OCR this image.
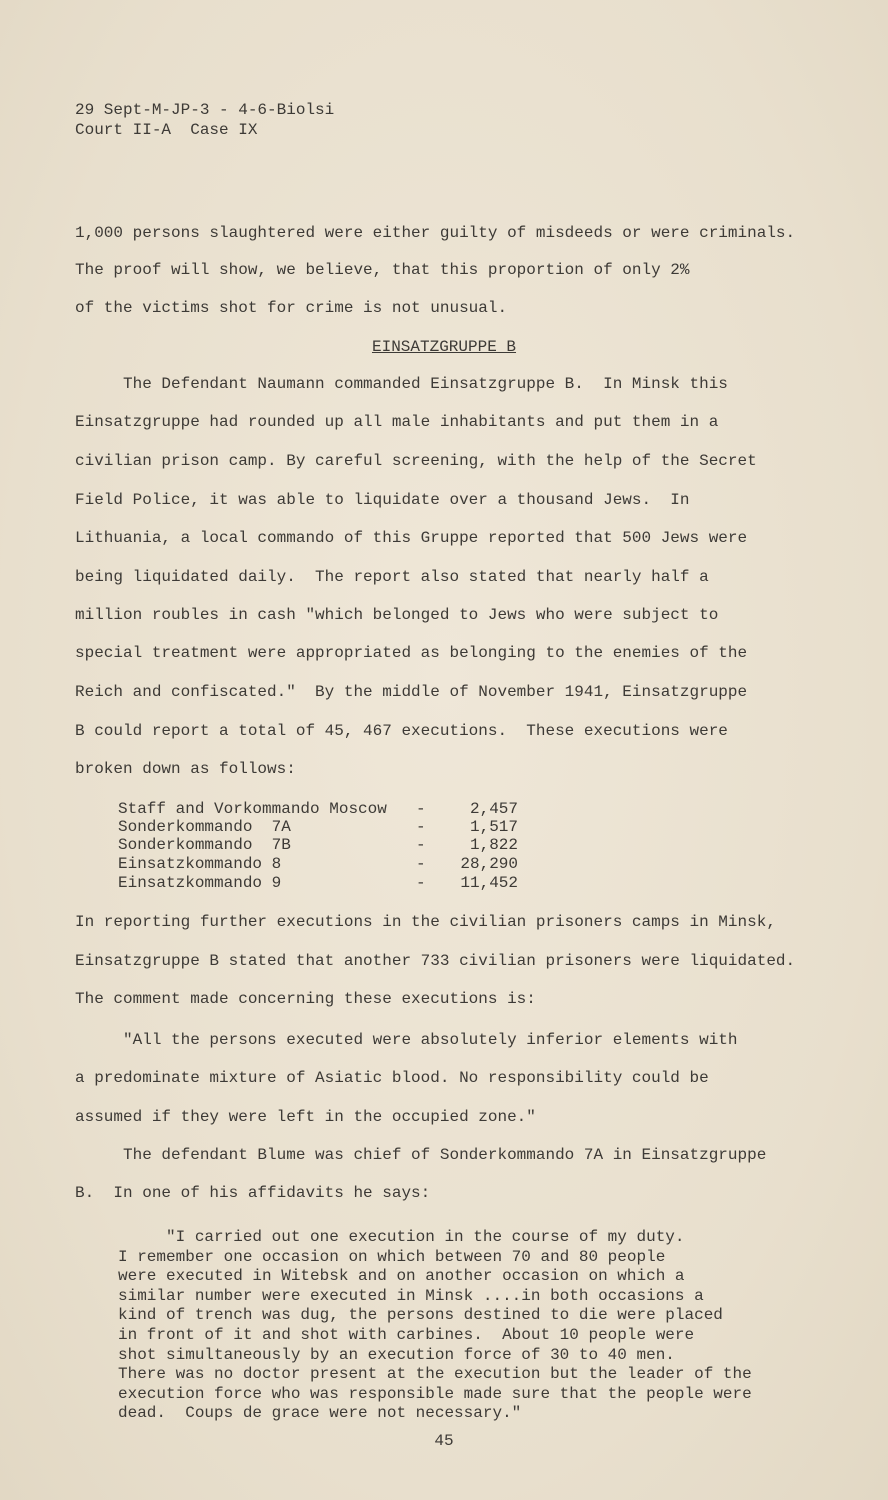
29 Sept-M-JP-3 - 4-6-Biolsi
Court II-A  Case IX
1,000 persons slaughtered were either guilty of misdeeds or were criminals.
The proof will show, we believe, that this proportion of only 2%
of the victims shot for crime is not unusual.
EINSATZGRUPPE B
The Defendant Naumann commanded Einsatzgruppe B.  In Minsk this
Einsatzgruppe had rounded up all male inhabitants and put them in a
civilian prison camp. By careful screening, with the help of the Secret
Field Police, it was able to liquidate over a thousand Jews.  In
Lithuania, a local commando of this Gruppe reported that 500 Jews were
being liquidated daily.  The report also stated that nearly half a
million roubles in cash "which belonged to Jews who were subject to
special treatment were appropriated as belonging to the enemies of the
Reich and confiscated."  By the middle of November 1941, Einsatzgruppe
B could report a total of 45, 467 executions.  These executions were
broken down as follows:
Staff and Vorkommando Moscow -	2,457
Sonderkommando  7A	-	1,517
Sonderkommando  7B	-	1,822
Einsatzkommando 8	- 28,290
Einsatzkommando 9	- 11,452
In reporting further executions in the civilian prisoners camps in Minsk,
Einsatzgruppe B stated that another 733 civilian prisoners were liquidated.
The comment made concerning these executions is:
"All the persons executed were absolutely inferior elements with
a predominate mixture of Asiatic blood. No responsibility could be
assumed if they were left in the occupied zone."
The defendant Blume was chief of Sonderkommando 7A in Einsatzgruppe
B.  In one of his affidavits he says:
"I carried out one execution in the course of my duty.
I remember one occasion on which between 70 and 80 people
were executed in Witebsk and on another occasion on which a
similar number were executed in Minsk ....in both occasions a
kind of trench was dug, the persons destined to die were placed
in front of it and shot with carbines.  About 10 people were
shot simultaneously by an execution force of 30 to 40 men.
There was no doctor present at the execution but the leader of the
execution force who was responsible made sure that the people were
dead.  Coups de grace were not necessary."
45
